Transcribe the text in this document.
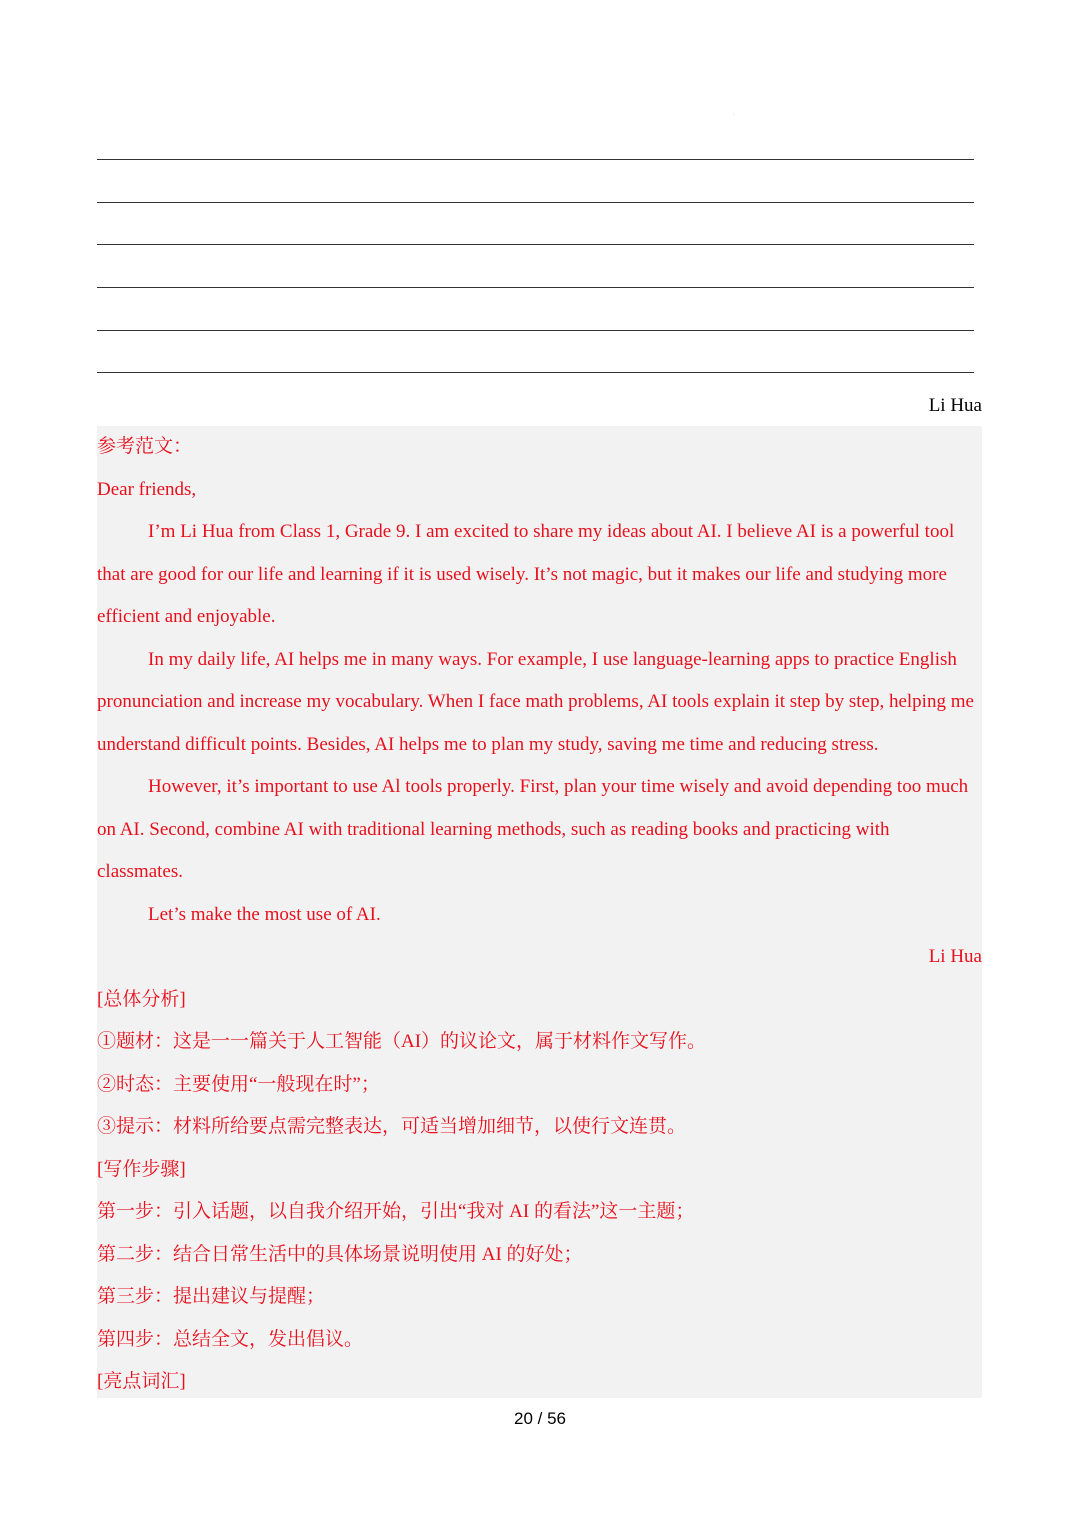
·
Li Hua
参考范文：
Dear friends,
I’m Li Hua from Class 1, Grade 9. I am excited to share my ideas about AI. I believe AI is a powerful tool
that are good for our life and learning if it is used wisely. It’s not magic, but it makes our life and studying more
efficient and enjoyable.
In my daily life, AI helps me in many ways. For example, I use language-learning apps to practice English
pronunciation and increase my vocabulary. When I face math problems, AI tools explain it step by step, helping me
understand difficult points. Besides, AI helps me to plan my study, saving me time and reducing stress.
However, it’s important to use Al tools properly. First, plan your time wisely and avoid depending too much
on AI. Second, combine AI with traditional learning methods, such as reading books and practicing with
classmates.
Let’s make the most use of AI.
Li Hua
[总体分析]
①题材：这是一一篇关于人工智能（AI）的议论文，属于材料作文写作。
②时态：主要使用“一般现在时”；
③提示：材料所给要点需完整表达，可适当增加细节，以使行文连贯。
[写作步骤]
第一步：引入话题，以自我介绍开始，引出“我对 AI 的看法”这一主题；
第二步：结合日常生活中的具体场景说明使用 AI 的好处；
第三步：提出建议与提醒；
第四步：总结全文，发出倡议。
[亮点词汇]
20 / 56
